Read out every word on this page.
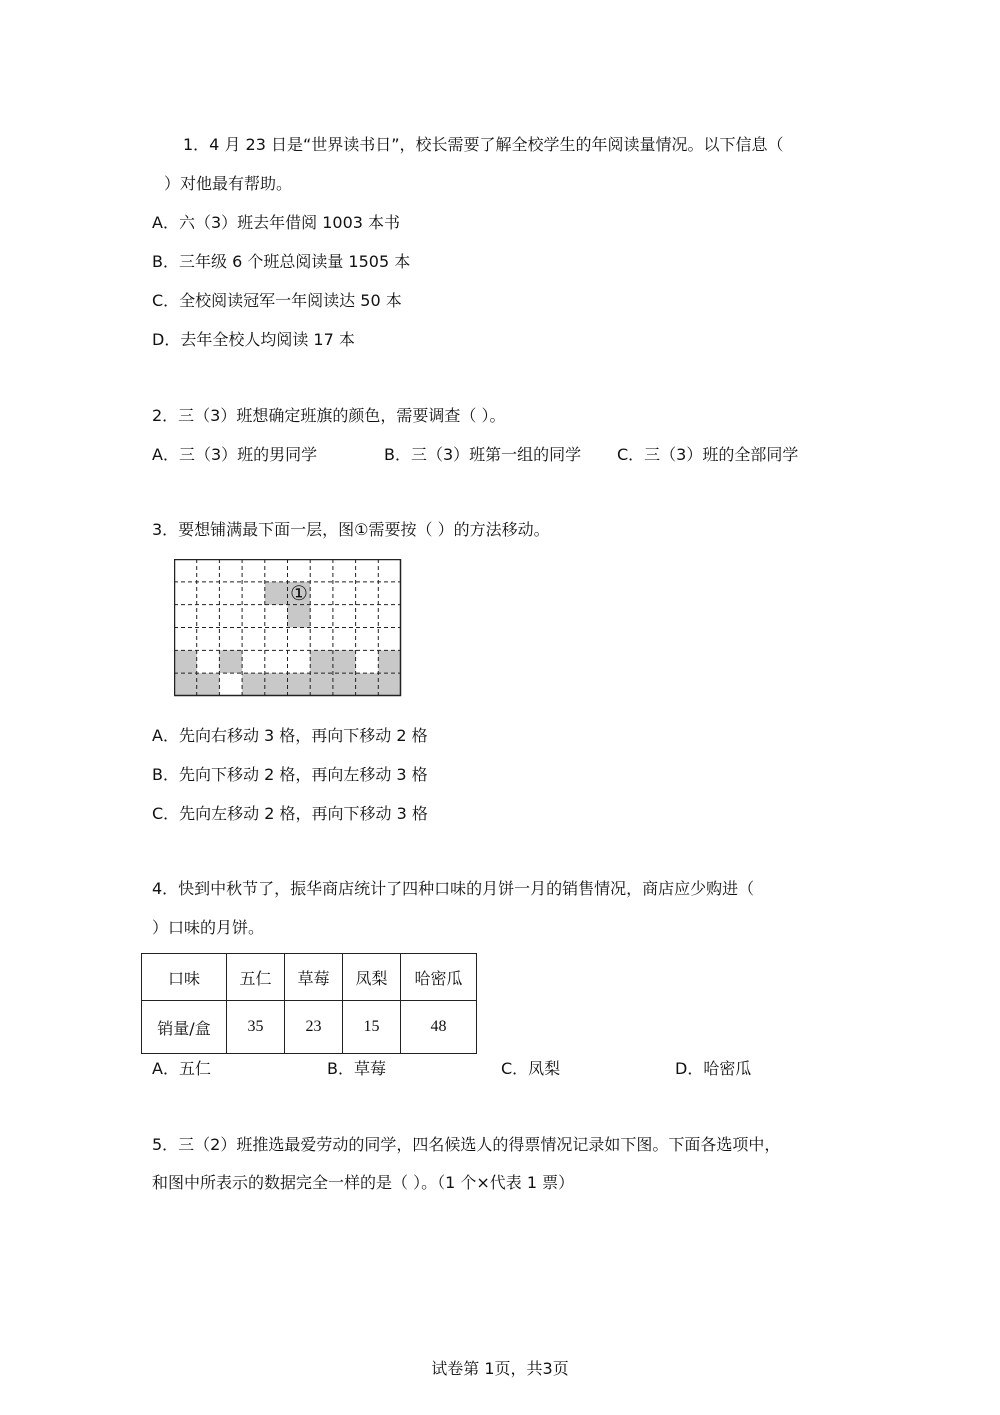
1．4 月 23 日是“世界读书日”，校长需要了解全校学生的年阅读量情况。以下信息（
）对他最有帮助。
A．六（3）班去年借阅 1003 本书
B．三年级 6 个班总阅读量 1505 本
C．全校阅读冠军一年阅读达 50 本
D．去年全校人均阅读 17 本
2．三（3）班想确定班旗的颜色，需要调查（ ）。
A．三（3）班的男同学	B．三（3）班第一组的同学 C．三（3）班的全部同学
3．要想铺满最下面一层，图①需要按（ ）的方法移动。
①
A．先向右移动 3 格，再向下移动 2 格
B．先向下移动 2 格，再向左移动 3 格
C．先向左移动 2 格，再向下移动 3 格
4．快到中秋节了，振华商店统计了四种口味的月饼一月的销售情况，商店应少购进（
）口味的月饼。
口味	五仁	草莓	凤梨	哈密瓜
销量/盒	35	23	15	48
A．五仁	B．草莓	C．凤梨	D．哈密瓜
5．三（2）班推选最爱劳动的同学，四名候选人的得票情况记录如下图。下面各选项中，
和图中所表示的数据完全一样的是（ ）。（1 个×代表 1 票）
试卷第 1页，共3页
